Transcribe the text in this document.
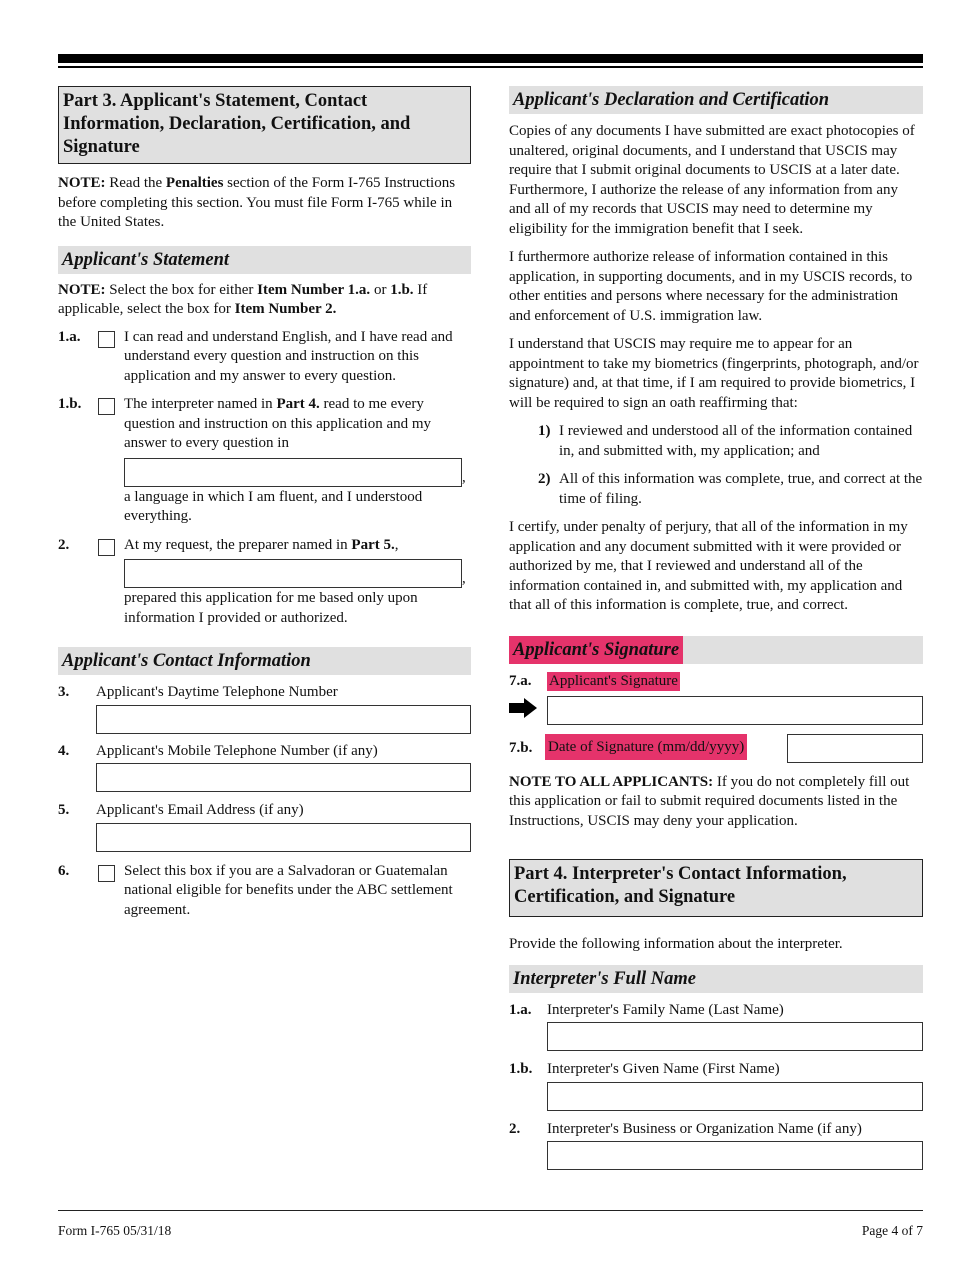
Part 3. Applicant's Statement, Contact Information, Declaration, Certification, and Signature

NOTE: Read the Penalties section of the Form I-765 Instructions before completing this section. You must file Form I-765 while in the United States.

Applicant's Statement

NOTE: Select the box for either Item Number 1.a. or 1.b. If applicable, select the box for Item Number 2.

1.a.	I can read and understand English, and I have read and understand every question and instruction on this application and my answer to every question.
1.b.	The interpreter named in Part 4. read to me every question and instruction on this application and my answer to every question in
,
a language in which I am fluent, and I understood everything.
2.	At my request, the preparer named in Part 5.,
,
prepared this application for me based only upon information I provided or authorized.
Applicant's Contact Information
3. Applicant's Daytime Telephone Number
4. Applicant's Mobile Telephone Number (if any)
5. Applicant's Email Address (if any)
6.	Select this box if you are a Salvadoran or Guatemalan national eligible for benefits under the ABC settlement agreement.
Applicant's Declaration and Certification

Copies of any documents I have submitted are exact photocopies of unaltered, original documents, and I understand that USCIS may require that I submit original documents to USCIS at a later date. Furthermore, I authorize the release of any information from any and all of my records that USCIS may need to determine my eligibility for the immigration benefit that I seek.

I furthermore authorize release of information contained in this application, in supporting documents, and in my USCIS records, to other entities and persons where necessary for the administration and enforcement of U.S. immigration law.

I understand that USCIS may require me to appear for an appointment to take my biometrics (fingerprints, photograph, and/or signature) and, at that time, if I am required to provide biometrics, I will be required to sign an oath reaffirming that:

1) I reviewed and understood all of the information contained in, and submitted with, my application; and
2) All of this information was complete, true, and correct at the time of filing.

I certify, under penalty of perjury, that all of the information in my application and any document submitted with it were provided or authorized by me, that I reviewed and understand all of the information contained in, and submitted with, my application and that all of this information is complete, true, and correct.

Applicant's Signature
7.a. Applicant's Signature
7.b. Date of Signature (mm/dd/yyyy)

NOTE TO ALL APPLICANTS: If you do not completely fill out this application or fail to submit required documents listed in the Instructions, USCIS may deny your application.

Part 4. Interpreter's Contact Information, Certification, and Signature

Provide the following information about the interpreter.

Interpreter's Full Name
1.a. Interpreter's Family Name (Last Name)
1.b. Interpreter's Given Name (First Name)
2. Interpreter's Business or Organization Name (if any)
Form I-765 05/31/18	Page 4 of 7
